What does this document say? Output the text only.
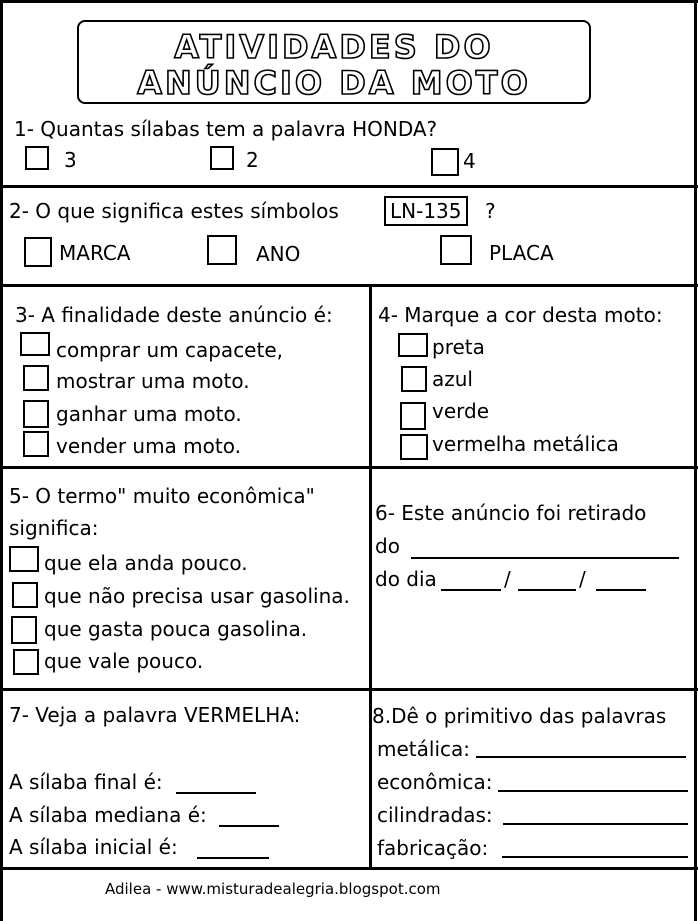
ATIVIDADES DO
ANÚNCIO DA MOTO
1- Quantas sílabas tem a palavra HONDA?
3	2	4
2- O que significa estes símbolos	LN-135	?
MARCA	ANO	PLACA
3- A finalidade deste anúncio é:
comprar um capacete,
mostrar uma moto.
ganhar uma moto.
vender uma moto.
4- Marque a cor desta moto:
preta
azul
verde
vermelha metálica
5- O termo" muito econômica"
significa:
que ela anda pouco.
que não precisa usar gasolina.
que gasta pouca gasolina.
que vale pouco.
6- Este anúncio foi retirado
do
do dia	/	/
7- Veja a palavra VERMELHA:
A sílaba final é:
A sílaba mediana é:
A sílaba inicial é:
8.Dê o primitivo das palavras
metálica:
econômica:
cilindradas:
fabricação:
Adilea - www.misturadealegria.blogspot.com
